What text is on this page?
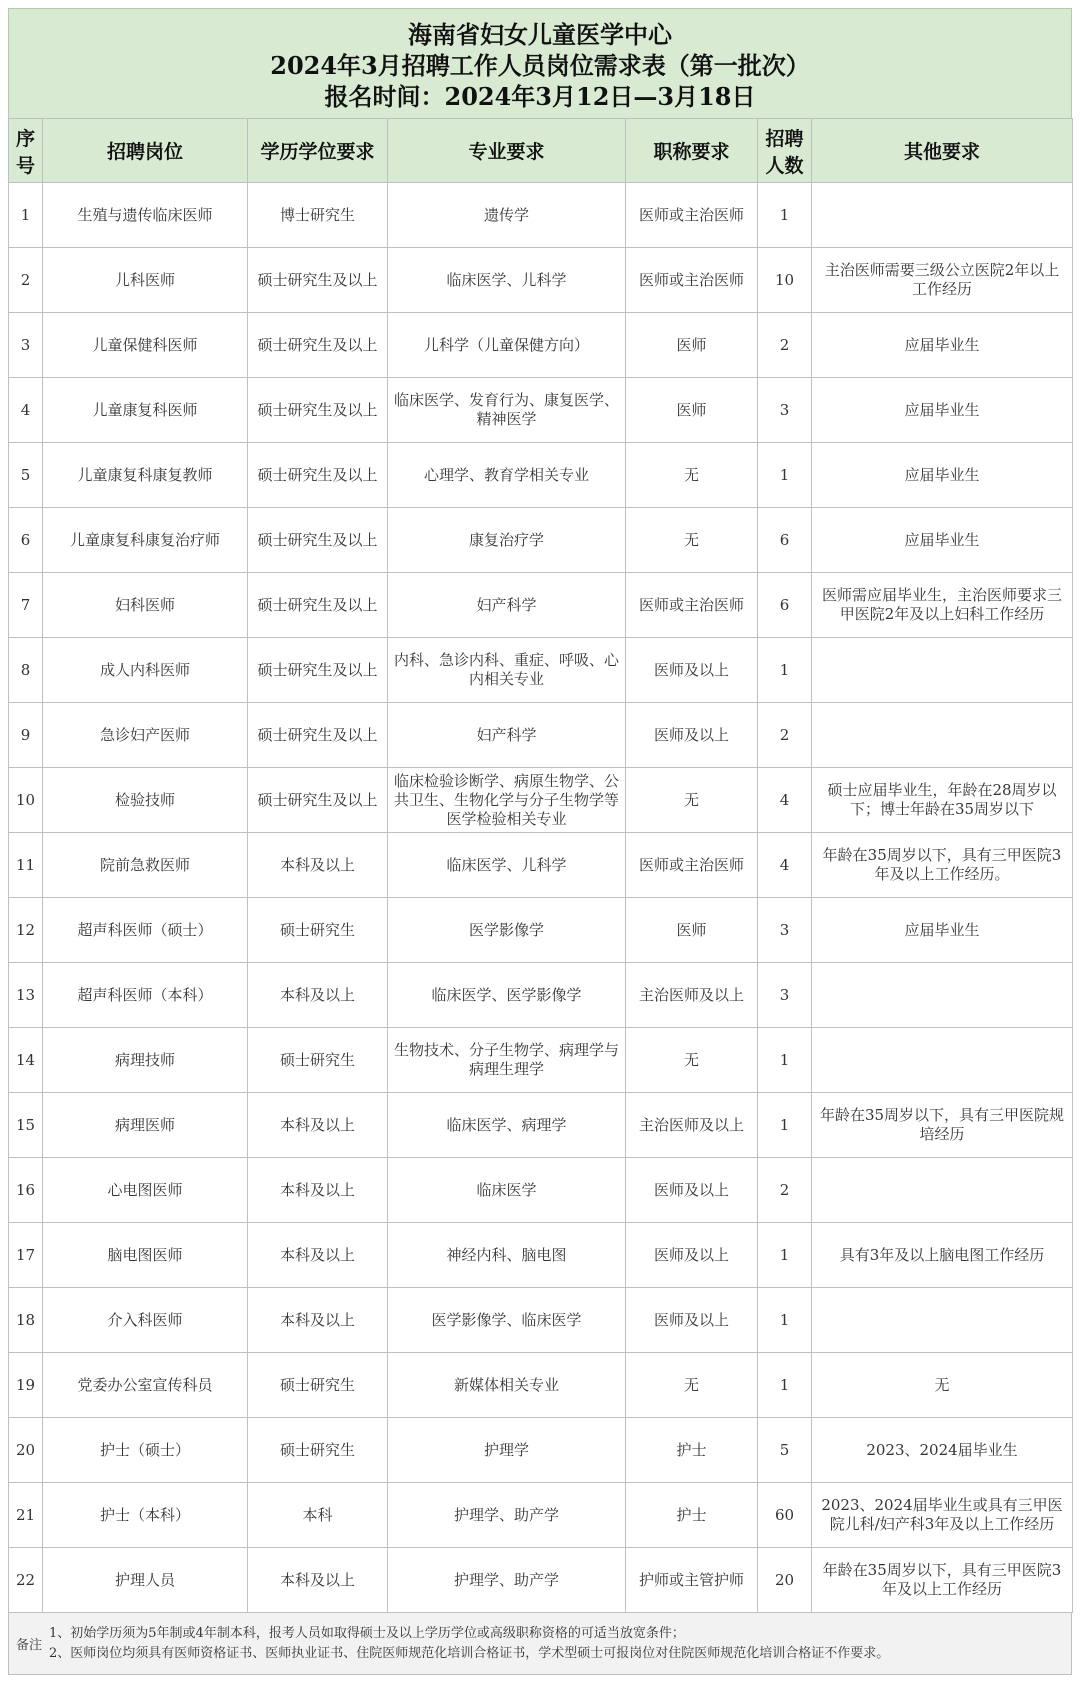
海南省妇女儿童医学中心
2024年3月招聘工作人员岗位需求表（第一批次）
报名时间：2024年3月12日—3月18日
序号	招聘岗位	学历学位要求	专业要求	职称要求	招聘人数	其他要求
1	生殖与遗传临床医师	博士研究生	遗传学	医师或主治医师	1	
2	儿科医师	硕士研究生及以上	临床医学、儿科学	医师或主治医师	10	主治医师需要三级公立医院2年以上工作经历
3	儿童保健科医师	硕士研究生及以上	儿科学（儿童保健方向）	医师	2	应届毕业生
4	儿童康复科医师	硕士研究生及以上	临床医学、发育行为、康复医学、精神医学	医师	3	应届毕业生
5	儿童康复科康复教师	硕士研究生及以上	心理学、教育学相关专业	无	1	应届毕业生
6	儿童康复科康复治疗师	硕士研究生及以上	康复治疗学	无	6	应届毕业生
7	妇科医师	硕士研究生及以上	妇产科学	医师或主治医师	6	医师需应届毕业生，主治医师要求三甲医院2年及以上妇科工作经历
8	成人内科医师	硕士研究生及以上	内科、急诊内科、重症、呼吸、心内相关专业	医师及以上	1	
9	急诊妇产医师	硕士研究生及以上	妇产科学	医师及以上	2	
10	检验技师	硕士研究生及以上	临床检验诊断学、病原生物学、公共卫生、生物化学与分子生物学等医学检验相关专业	无	4	硕士应届毕业生，年龄在28周岁以下；博士年龄在35周岁以下
11	院前急救医师	本科及以上	临床医学、儿科学	医师或主治医师	4	年龄在35周岁以下，具有三甲医院3年及以上工作经历。
12	超声科医师（硕士）	硕士研究生	医学影像学	医师	3	应届毕业生
13	超声科医师（本科）	本科及以上	临床医学、医学影像学	主治医师及以上	3	
14	病理技师	硕士研究生	生物技术、分子生物学、病理学与病理生理学	无	1	
15	病理医师	本科及以上	临床医学、病理学	主治医师及以上	1	年龄在35周岁以下，具有三甲医院规培经历
16	心电图医师	本科及以上	临床医学	医师及以上	2	
17	脑电图医师	本科及以上	神经内科、脑电图	医师及以上	1	具有3年及以上脑电图工作经历
18	介入科医师	本科及以上	医学影像学、临床医学	医师及以上	1	
19	党委办公室宣传科员	硕士研究生	新媒体相关专业	无	1	无
20	护士（硕士）	硕士研究生	护理学	护士	5	2023、2024届毕业生
21	护士（本科）	本科	护理学、助产学	护士	60	2023、2024届毕业生或具有三甲医院儿科/妇产科3年及以上工作经历
22	护理人员	本科及以上	护理学、助产学	护师或主管护师	20	年龄在35周岁以下，具有三甲医院3年及以上工作经历
备注
1、初始学历须为5年制或4年制本科，报考人员如取得硕士及以上学历学位或高级职称资格的可适当放宽条件；
2、医师岗位均须具有医师资格证书、医师执业证书、住院医师规范化培训合格证书，学术型硕士可报岗位对住院医师规范化培训合格证不作要求。
